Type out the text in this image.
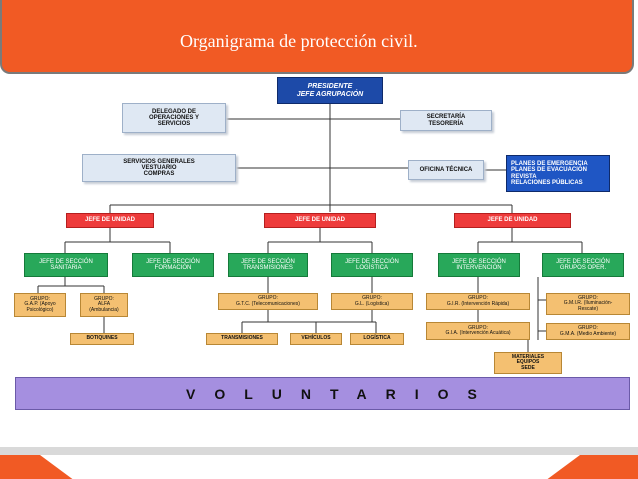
Organigrama de protección civil.
PRESIDENTE
JEFE AGRUPACIÓN
DELEGADO DE
OPERACIONES Y
SERVICIOS
SECRETARÍA
TESORERÍA
SERVICIOS GENERALES
VESTUARIO
COMPRAS
OFICINA TÉCNICA
PLANES DE EMERGENCIA
PLANES DE EVACUACIÓN
REVISTA
RELACIONES PÚBLICAS
JEFE DE UNIDAD	JEFE DE UNIDAD	JEFE DE UNIDAD
JEFE DE SECCIÓN
SANITARIA
JEFE DE SECCIÓN
FORMACIÓN
JEFE DE SECCIÓN
TRANSMISIONES
JEFE DE SECCIÓN
LOGÍSTICA
JEFE DE SECCIÓN
INTERVENCIÓN
JEFE DE SECCIÓN
GRUPOS OPER.
GRUPO:
G.A.P. (Apoyo
Psicológico)
GRUPO:
ALFA
(Ambulancia)
GRUPO:
G.T.C. (Telecomunicaciones)
GRUPO:
G.L. (Logística)
GRUPO:
G.I.R. (Intervención Rápida)
GRUPO:
G.I.A. (Intervención Acuática)
GRUPO:
G.M.I.R. (Iluminación-
Rescate)
GRUPO:
G.M.A. (Medio Ambiente)
BOTIQUINES	TRANSMISIONES	VEHÍCULOS	LOGÍSTICA
MATERIALES
EQUIPOS
SEDE
VOLUNTARIOS
